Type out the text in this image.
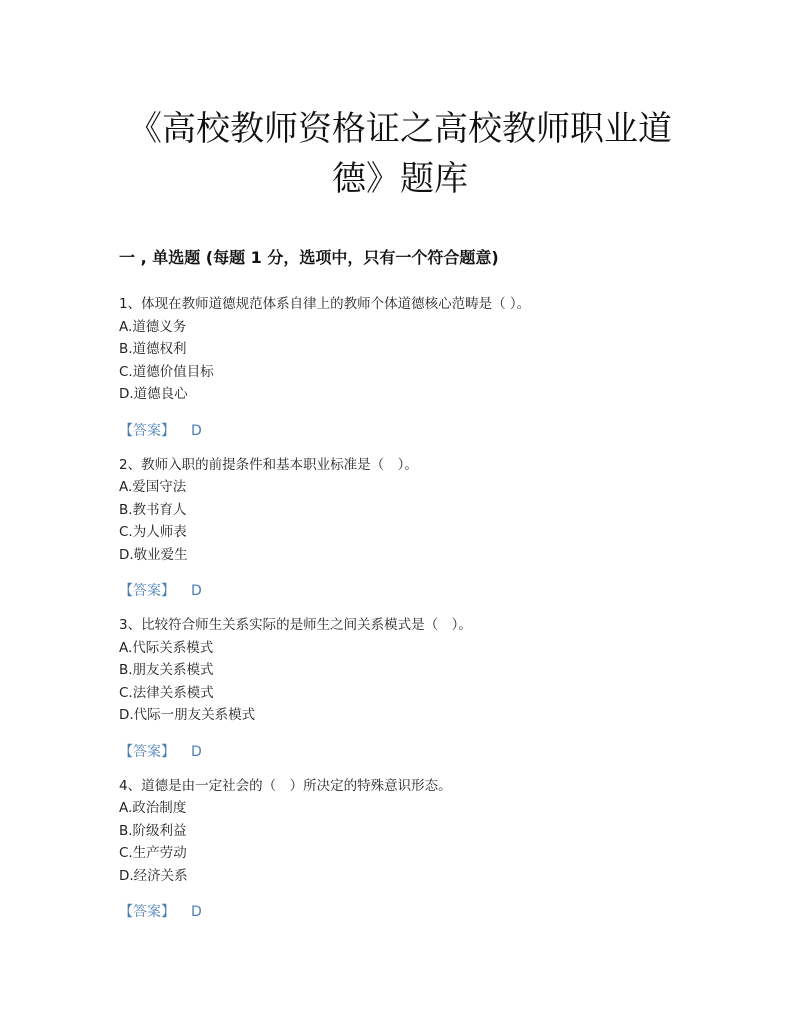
《高校教师资格证之高校教师职业道
德》题库
一 , 单选题 (每题 1 分，选项中，只有一个符合题意)
1、体现在教师道德规范体系自律上的教师个体道德核心范畴是（ ）。
A.道德义务
B.道德权利
C.道德价值目标
D.道德良心
【答案】 D
2、教师入职的前提条件和基本职业标准是（　）。
A.爱国守法
B.教书育人
C.为人师表
D.敬业爱生
【答案】 D
3、比较符合师生关系实际的是师生之间关系模式是（　）。
A.代际关系模式
B.朋友关系模式
C.法律关系模式
D.代际一朋友关系模式
【答案】 D
4、道德是由一定社会的（　）所决定的特殊意识形态。
A.政治制度
B.阶级利益
C.生产劳动
D.经济关系
【答案】 D
